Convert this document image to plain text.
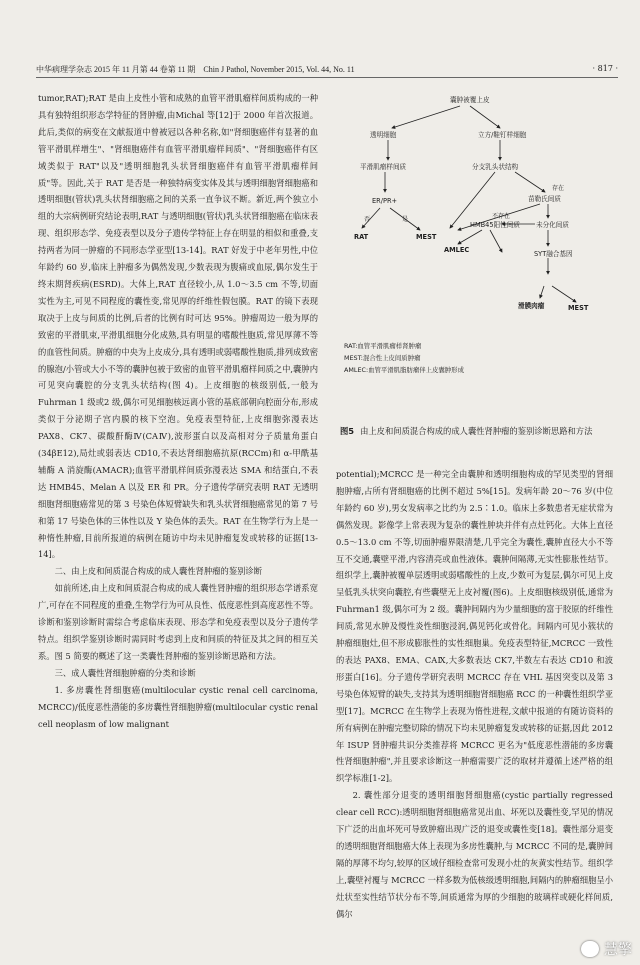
中华病理学杂志 2015 年 11 月第 44 卷第 11 期　Chin J Pathol, November 2015, Vol. 44, No. 11	· 817 ·

tumor,RAT);RAT 是由上皮性小管和成熟的血管平滑肌瘤样间质构成的一种具有独特组织形态学特征的肾肿瘤,由Michal 等[12]于 2000 年首次报道。此后,类似的病变在文献报道中曾被冠以各种名称,如"肾细胞癌伴有显著的血管平滑肌样增生"、"肾细胞癌伴有血管平滑肌瘤样间质"、"肾细胞癌伴有区域类似于 RAT"以及"透明细胞乳头状肾细胞癌伴有血管平滑肌瘤样间质"等。因此,关于 RAT 是否是一种独特病变实体及其与透明细胞肾细胞癌和透明细胞(管状)乳头状肾细胞癌之间的关系一直争议不断。新近,两个独立小组的大宗病例研究结论表明,RAT 与透明细胞(管状)乳头状肾细胞癌在临床表现、组织形态学、免疫表型以及分子遗传学特征上存在明显的相似和重叠,支持两者为同一肿瘤的不同形态学亚型[13-14]。RAT 好发于中老年男性,中位年龄约 60 岁,临床上肿瘤多为偶然发现,少数表现为腹痛或血尿,偶尔发生于终末期肾疾病(ESRD)。大体上,RAT 直径较小,从 1.0～3.5 cm 不等,切面实性为主,可见不同程度的囊性变,常见厚的纤维性假包膜。RAT 的镜下表现取决于上皮与间质的比例,后者的比例有时可达 95%。肿瘤周边一般为厚的致密的平滑肌束,平滑肌细胞分化成熟,具有明显的嗜酸性胞质,常见厚薄不等的血管性间质。肿瘤的中央为上皮成分,具有透明或弱嗜酸性胞质,排列成致密的腺泡/小管或大小不等的囊肿包被于致密的血管平滑肌瘤样间质之中,囊肿内可见突向囊腔的分支乳头状结构(图 4)。上皮细胞的核级别低,一般为 Fuhrman 1 级或2 级,偶尔可见细胞核远离小管的基底部朝向腔面分布,形成类似于分泌期子宫内膜的核下空泡。免疫表型特征,上皮细胞弥漫表达 PAX8、CK7、碳酸酐酶Ⅳ(CAⅣ),波形蛋白以及高相对分子质量角蛋白(34βE12),局灶或弱表达 CD10,不表达肾细胞癌抗原(RCCm)和 α-甲酰基辅酶 A 消旋酶(AMACR);血管平滑肌样间质弥漫表达 SMA 和结蛋白,不表达 HMB45、Melan A 以及 ER 和 PR。分子遗传学研究表明 RAT 无透明细胞肾细胞癌常见的第 3 号染色体短臂缺失和乳头状肾细胞癌常见的第 7 号和第 17 号染色体的三体性以及 Y 染色体的丢失。RAT 在生物学行为上是一种惰性肿瘤,目前所报道的病例在随访中均未见肿瘤复发或转移的证据[13-14]。

二、由上皮和间质混合构成的成人囊性肾肿瘤的鉴别诊断

如前所述,由上皮和间质混合构成的成人囊性肾肿瘤的组织形态学谱系宽广,可存在不同程度的重叠,生物学行为可从良性、低度恶性到高度恶性不等。诊断和鉴别诊断时需综合考虑临床表现、形态学和免疫表型以及分子遗传学特点。组织学鉴别诊断时需同时考虑到上皮和间质的特征及其之间的相互关系。图 5 简要的概述了这一类囊性肾肿瘤的鉴别诊断思路和方法。

三、成人囊性肾细胞肿瘤的分类和诊断

1. 多房囊性肾细胞癌(multilocular cystic renal cell carcinoma, MCRCC)/低度恶性潜能的多房囊性肾细胞肿瘤(multilocular cystic renal cell neoplasm of low malignant

囊肿被覆上皮
透明细胞	立方/鞋钉样细胞
平滑肌瘤样间质	分支乳头状结构
ER/PR+	苗勒氏间质
HMB45阳性间质 未分化间质
SYT融合基因
RAT	MEST
AMLEC
滑膜肉瘤	MEST
否	是
存在
不存在
RAT:血管平滑肌瘤样肾肿瘤
MEST:混合性上皮间质肿瘤
AMLEC:血管平滑肌脂肪瘤伴上皮囊肿形成
图5 由上皮和间质混合构成的成人囊性肾肿瘤的鉴别诊断思路和方法

potential);MCRCC 是一种完全由囊肿和透明细胞构成的罕见类型的肾细胞肿瘤,占所有肾细胞癌的比例不超过 5%[15]。发病年龄 20～76 岁(中位年龄约 60 岁),男女发病率之比约为 2.5∶1.0。临床上多数患者无症状常为偶然发现。影像学上常表现为复杂的囊性肿块并伴有点灶钙化。大体上直径 0.5～13.0 cm 不等,切面肿瘤界限清楚,几乎完全为囊性,囊肿直径大小不等互不交通,囊壁平滑,内容清亮或血性液体。囊肿间隔薄,无实性膨胀性结节。组织学上,囊肿被覆单层透明或弱嗜酸性的上皮,少数可为复层,偶尔可见上皮呈低乳头状突向囊腔,有些囊壁无上皮衬覆(图6)。上皮细胞核级别低,通常为 Fuhrman1 级,偶尔可为 2 级。囊肿间隔内为少量细胞的富于胶原的纤维性间质,常见水肿及慢性炎性细胞浸润,偶见钙化或骨化。间隔内可见小簇状的肿瘤细胞灶,但不形成膨胀性的实性细胞巢。免疫表型特征,MCRCC 一致性的表达 PAX8、EMA、CAⅨ,大多数表达 CK7,半数左右表达 CD10 和波形蛋白[16]。分子遗传学研究表明 MCRCC 存在 VHL 基因突变以及第 3 号染色体短臂的缺失,支持其为透明细胞肾细胞癌 RCC 的一种囊性组织学亚型[17]。MCRCC 在生物学上表现为惰性进程,文献中报道的有随访资料的所有病例在肿瘤完整切除的情况下均未见肿瘤复发或转移的证据,因此 2012 年 ISUP 肾肿瘤共识分类推荐将 MCRCC 更名为"低度恶性潜能的多房囊性肾细胞肿瘤",并且要求诊断这一肿瘤需要广泛的取材并遵循上述严格的组织学标准[1-2]。

2. 囊性部分退变的透明细胞肾细胞癌(cystic partially regressed clear cell RCC):透明细胞肾细胞癌常见出血、坏死以及囊性变,罕见的情况下广泛的出血坏死可导致肿瘤出现广泛的退变或囊性变[18]。囊性部分退变的透明细胞肾细胞癌大体上表现为多房性囊肿,与 MCRCC 不同的是,囊肿间隔的厚薄不均匀,较厚的区域仔细检查常可发现小灶的灰黄实性结节。组织学上,囊壁衬覆与 MCRCC 一样多数为低核级透明细胞,间隔内的肿瘤细胞呈小灶状至实性结节状分布不等,间质通常为厚的少细胞的玻璃样或硬化样间质,偶尔

慧擎
